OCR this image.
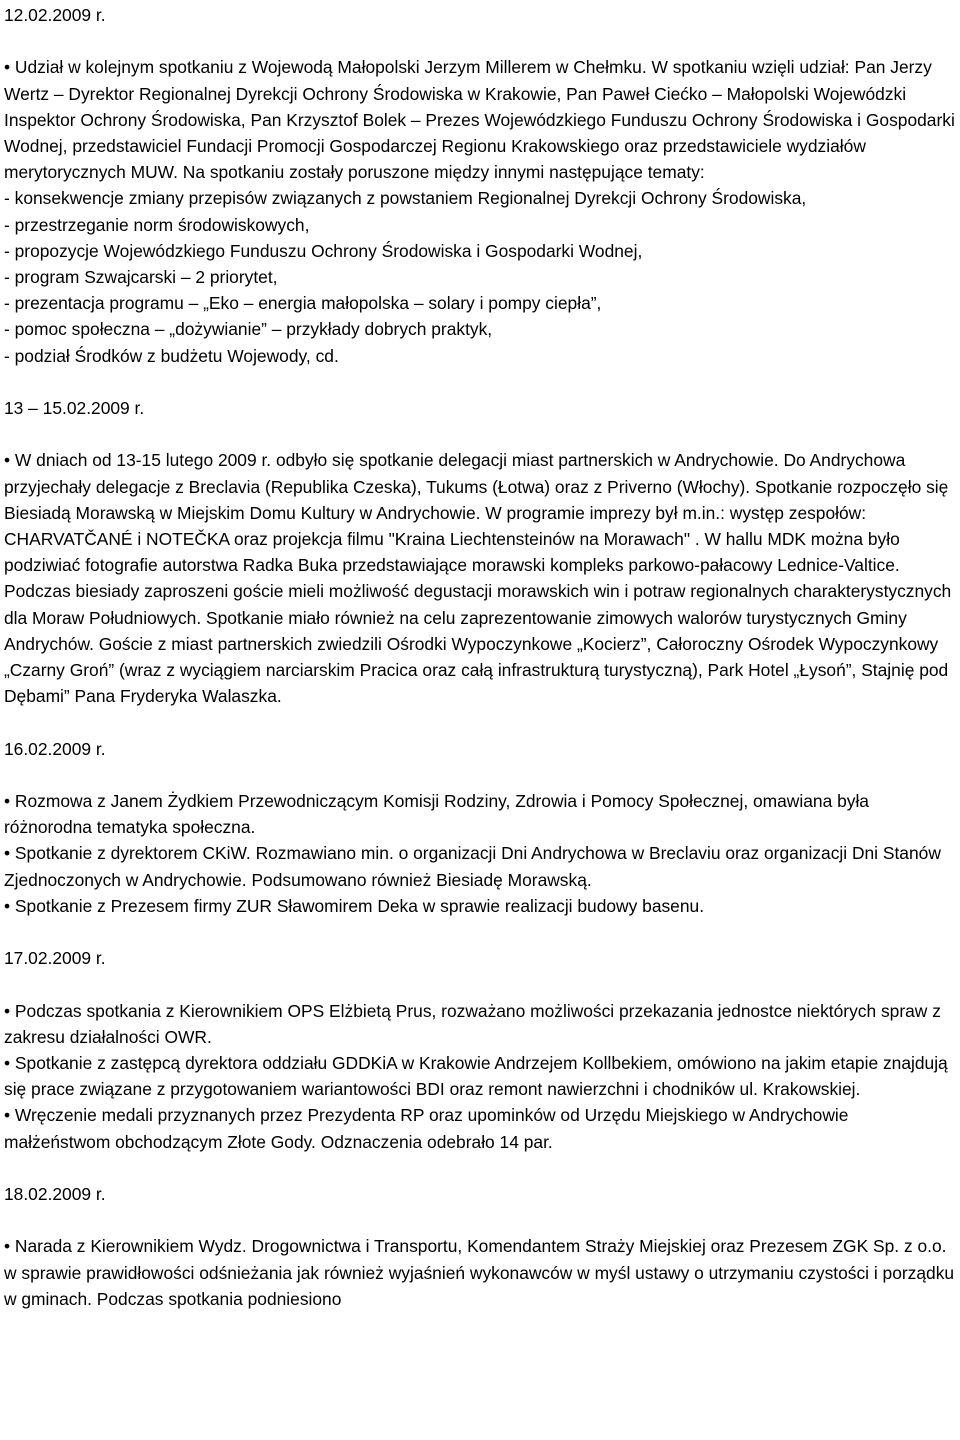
12.02.2009 r.

• Udział w kolejnym spotkaniu z Wojewodą Małopolski Jerzym Millerem w Chełmku. W spotkaniu wzięli udział: Pan Jerzy Wertz – Dyrektor Regionalnej Dyrekcji Ochrony Środowiska w Krakowie, Pan Paweł Ciećko – Małopolski Wojewódzki Inspektor Ochrony Środowiska, Pan Krzysztof Bolek – Prezes Wojewódzkiego Funduszu Ochrony Środowiska i Gospodarki Wodnej, przedstawiciel Fundacji Promocji Gospodarczej Regionu Krakowskiego oraz przedstawiciele wydziałów merytorycznych MUW. Na spotkaniu zostały poruszone między innymi następujące tematy:

- konsekwencje zmiany przepisów związanych z powstaniem Regionalnej Dyrekcji Ochrony Środowiska,

- przestrzeganie norm środowiskowych,

- propozycje Wojewódzkiego Funduszu Ochrony Środowiska i Gospodarki Wodnej,

- program Szwajcarski – 2 priorytet,

- prezentacja programu – „Eko – energia małopolska – solary i pompy ciepła”,

- pomoc społeczna – „dożywianie” – przykłady dobrych praktyk,

- podział Środków z budżetu Wojewody, cd.

13 – 15.02.2009 r.

• W dniach od 13-15 lutego 2009 r. odbyło się spotkanie delegacji miast partnerskich w Andrychowie. Do Andrychowa przyjechały delegacje z Breclavia (Republika Czeska), Tukums (Łotwa) oraz z Priverno (Włochy). Spotkanie rozpoczęło się Biesiadą Morawską w Miejskim Domu Kultury w Andrychowie. W programie imprezy był m.in.: występ zespołów: CHARVATČANÉ i NOTEČKA oraz projekcja filmu "Kraina Liechtensteinów na Morawach" . W hallu MDK można było podziwiać fotografie autorstwa Radka Buka przedstawiające morawski kompleks parkowo-pałacowy Lednice-Valtice. Podczas biesiady zaproszeni goście mieli możliwość degustacji morawskich win i potraw regionalnych charakterystycznych dla Moraw Południowych. Spotkanie miało również na celu zaprezentowanie zimowych walorów turystycznych Gminy Andrychów. Goście z miast partnerskich zwiedzili Ośrodki Wypoczynkowe „Kocierz”, Całoroczny Ośrodek Wypoczynkowy „Czarny Groń” (wraz z wyciągiem narciarskim Pracica oraz całą infrastrukturą turystyczną), Park Hotel „Łysoń”, Stajnię pod Dębami” Pana Fryderyka Walaszka.

16.02.2009 r.

• Rozmowa z Janem Żydkiem Przewodniczącym Komisji Rodziny, Zdrowia i Pomocy Społecznej, omawiana była różnorodna tematyka społeczna.

• Spotkanie z dyrektorem CKiW. Rozmawiano min. o organizacji Dni Andrychowa w Breclaviu oraz organizacji Dni Stanów Zjednoczonych w Andrychowie. Podsumowano również Biesiadę Morawską.

• Spotkanie z Prezesem firmy ZUR Sławomirem Deka w sprawie realizacji budowy basenu.

17.02.2009 r.

• Podczas spotkania z Kierownikiem OPS Elżbietą Prus, rozważano możliwości przekazania jednostce niektórych spraw z zakresu działalności OWR.

• Spotkanie z zastępcą dyrektora oddziału GDDKiA w Krakowie Andrzejem Kollbekiem, omówiono na jakim etapie znajdują się prace związane z przygotowaniem wariantowości BDI oraz remont nawierzchni i chodników ul. Krakowskiej.

• Wręczenie medali przyznanych przez Prezydenta RP oraz upominków od Urzędu Miejskiego w Andrychowie małżeństwom obchodzącym Złote Gody. Odznaczenia odebrało 14 par.

18.02.2009 r.

• Narada z Kierownikiem Wydz. Drogownictwa i Transportu, Komendantem Straży Miejskiej oraz Prezesem ZGK Sp. z o.o. w sprawie prawidłowości odśnieżania jak również wyjaśnień wykonawców w myśl ustawy o utrzymaniu czystości i porządku w gminach. Podczas spotkania podniesiono
